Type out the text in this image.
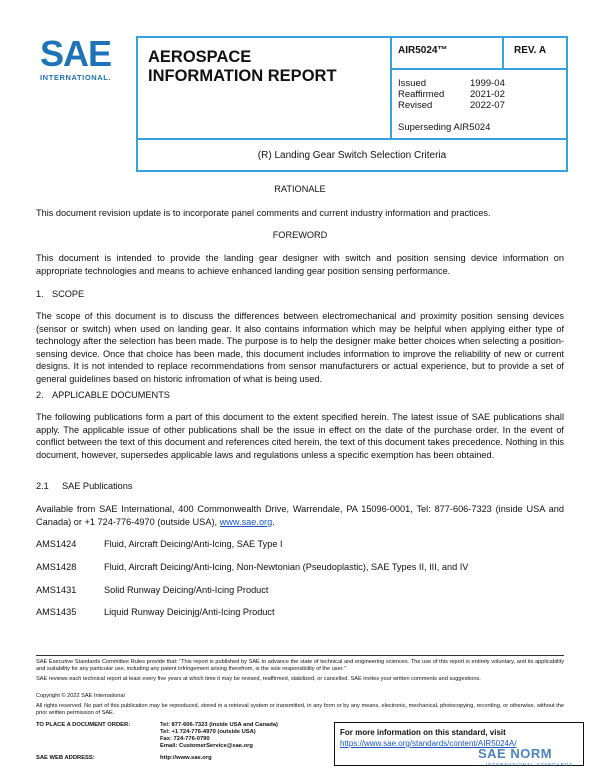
SAE
INTERNATIONAL.
AEROSPACE
INFORMATION REPORT
AIR5024™	REV. A
Issued	1999-04
Reaffirmed	2021-02
Revised	2022-07
Superseding AIR5024
(R) Landing Gear Switch Selection Criteria
RATIONALE
This document revision update is to incorporate panel comments and current industry information and practices.
FOREWORD
This document is intended to provide the landing gear designer with switch and position sensing device information on appropriate technologies and means to achieve enhanced landing gear position sensing performance.
1. SCOPE
The scope of this document is to discuss the differences between electromechanical and proximity position sensing devices (sensor or switch) when used on landing gear. It also contains information which may be helpful when applying either type of technology after the selection has been made. The purpose is to help the designer make better choices when selecting a position-sensing device. Once that choice has been made, this document includes information to improve the reliability of new or current designs. It is not intended to replace recommendations from sensor manufacturers or actual experience, but to provide a set of general guidelines based on historic infromation of what is being used.
2. APPLICABLE DOCUMENTS
The following publications form a part of this document to the extent specified herein. The latest issue of SAE publications shall apply. The applicable issue of other publications shall be the issue in effect on the date of the purchase order. In the event of conflict between the text of this document and references cited herein, the text of this document takes precedence. Nothing in this document, however, supersedes applicable laws and regulations unless a specific exemption has been obtained.
2.1 SAE Publications
Available from SAE International, 400 Commonwealth Drive, Warrendale, PA 15096-0001, Tel: 877-606-7323 (inside USA and Canada) or +1 724-776-4970 (outside USA), www.sae.org.
AMS1424	Fluid, Aircraft Deicing/Anti-Icing, SAE Type I
AMS1428	Fluid, Aircraft Deicing/Anti-Icing, Non-Newtonian (Pseudoplastic), SAE Types II, III, and IV
AMS1431	Solid Runway Deicing/Anti-Icing Product
AMS1435	Liquid Runway Deicinjg/Anti-Icing Product
SAE Executive Standards Committee Rules provide that: “This report is published by SAE to advance the state of technical and engineering sciences. The use of this report is entirely voluntary, and its applicability and suitability for any particular use, including any patent infringement arising therefrom, is the sole responsibility of the user.”
SAE reviews each technical report at least every five years at which time it may be revised, reaffirmed, stabilized, or cancelled. SAE invites your written comments and suggestions.
Copyright © 2022 SAE International
All rights reserved. No part of this publication may be reproduced, stored in a retrieval system or transmitted, in any form or by any means, electronic, mechanical, photocopying, recording, or otherwise, without the prior written permission of SAE.
TO PLACE A DOCUMENT ORDER:	Tel: 877-606-7323 (inside USA and Canada)
Tel: +1 724-776-4970 (outside USA)
Fax: 724-776-0790
Email: CustomerService@sae.org
SAE WEB ADDRESS:	http://www.sae.org
For more information on this standard, visit
https://www.sae.org/standards/content/AIR5024A/
SAE NORM
INTERNATIONAL STANDARDS
